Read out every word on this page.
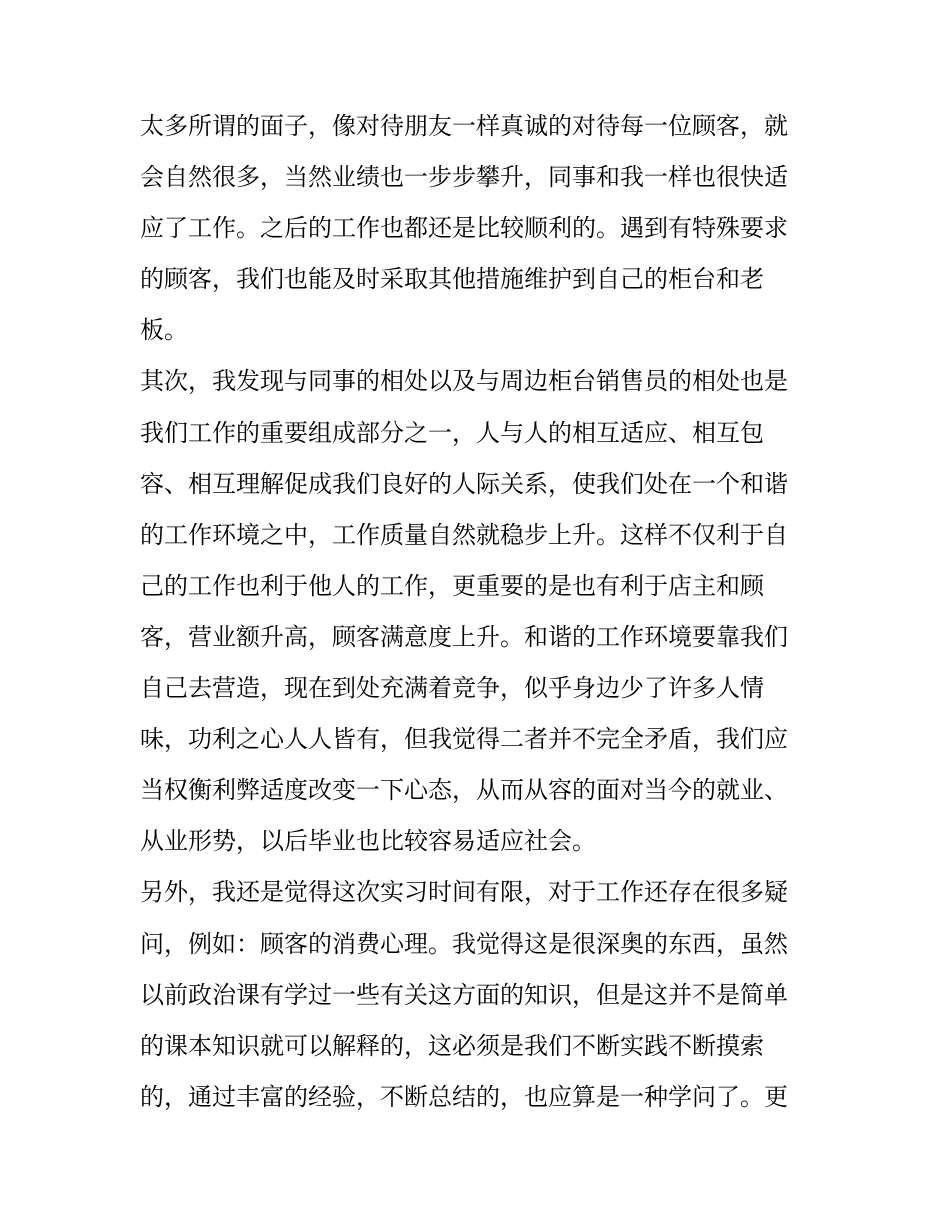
太多所谓的面子，像对待朋友一样真诚的对待每一位顾客，就
会自然很多，当然业绩也一步步攀升，同事和我一样也很快适
应了工作。之后的工作也都还是比较顺利的。遇到有特殊要求
的顾客，我们也能及时采取其他措施维护到自己的柜台和老
板。
其次，我发现与同事的相处以及与周边柜台销售员的相处也是
我们工作的重要组成部分之一，人与人的相互适应、相互包
容、相互理解促成我们良好的人际关系，使我们处在一个和谐
的工作环境之中，工作质量自然就稳步上升。这样不仅利于自
己的工作也利于他人的工作，更重要的是也有利于店主和顾
客，营业额升高，顾客满意度上升。和谐的工作环境要靠我们
自己去营造，现在到处充满着竞争，似乎身边少了许多人情
味，功利之心人人皆有，但我觉得二者并不完全矛盾，我们应
当权衡利弊适度改变一下心态，从而从容的面对当今的就业、
从业形势，以后毕业也比较容易适应社会。
另外，我还是觉得这次实习时间有限，对于工作还存在很多疑
问，例如：顾客的消费心理。我觉得这是很深奥的东西，虽然
以前政治课有学过一些有关这方面的知识，但是这并不是简单
的课本知识就可以解释的，这必须是我们不断实践不断摸索
的，通过丰富的经验，不断总结的，也应算是一种学问了。更
